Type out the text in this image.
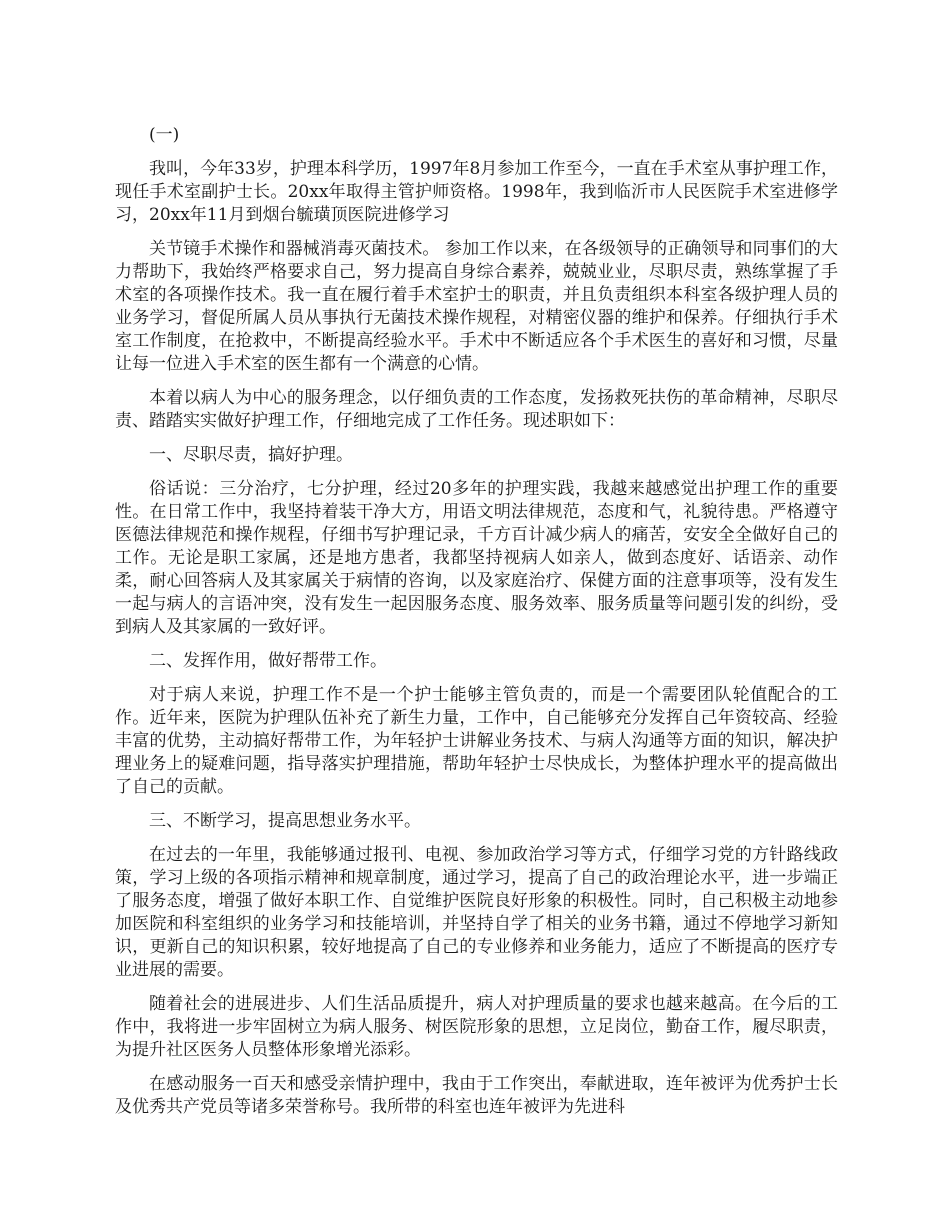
(一)

我叫，今年33岁，护理本科学历，1997年8月参加工作至今，一直在手术室从事护理工作，现任手术室副护士长。20xx年取得主管护师资格。1998年，我到临沂市人民医院手术室进修学习，20xx年11月到烟台毓璜顶医院进修学习

关节镜手术操作和器械消毒灭菌技术。 参加工作以来，在各级领导的正确领导和同事们的大力帮助下，我始终严格要求自己，努力提高自身综合素养，兢兢业业，尽职尽责，熟练掌握了手术室的各项操作技术。我一直在履行着手术室护士的职责，并且负责组织本科室各级护理人员的业务学习，督促所属人员从事执行无菌技术操作规程，对精密仪器的维护和保养。仔细执行手术室工作制度，在抢救中，不断提高经验水平。手术中不断适应各个手术医生的喜好和习惯，尽量让每一位进入手术室的医生都有一个满意的心情。

本着以病人为中心的服务理念，以仔细负责的工作态度，发扬救死扶伤的革命精神，尽职尽责、踏踏实实做好护理工作，仔细地完成了工作任务。现述职如下：

一、尽职尽责，搞好护理。

俗话说：三分治疗，七分护理，经过20多年的护理实践，我越来越感觉出护理工作的重要性。在日常工作中，我坚持着装干净大方，用语文明法律规范，态度和气，礼貌待患。严格遵守医德法律规范和操作规程，仔细书写护理记录，千方百计减少病人的痛苦，安安全全做好自己的工作。无论是职工家属，还是地方患者，我都坚持视病人如亲人，做到态度好、话语亲、动作柔，耐心回答病人及其家属关于病情的咨询，以及家庭治疗、保健方面的注意事项等，没有发生一起与病人的言语冲突，没有发生一起因服务态度、服务效率、服务质量等问题引发的纠纷，受到病人及其家属的一致好评。

二、发挥作用，做好帮带工作。

对于病人来说，护理工作不是一个护士能够主管负责的，而是一个需要团队轮值配合的工作。近年来，医院为护理队伍补充了新生力量，工作中，自己能够充分发挥自己年资较高、经验丰富的优势，主动搞好帮带工作，为年轻护士讲解业务技术、与病人沟通等方面的知识，解决护理业务上的疑难问题，指导落实护理措施，帮助年轻护士尽快成长，为整体护理水平的提高做出了自己的贡献。

三、不断学习，提高思想业务水平。

在过去的一年里，我能够通过报刊、电视、参加政治学习等方式，仔细学习党的方针路线政策，学习上级的各项指示精神和规章制度，通过学习，提高了自己的政治理论水平，进一步端正了服务态度，增强了做好本职工作、自觉维护医院良好形象的积极性。同时，自己积极主动地参加医院和科室组织的业务学习和技能培训，并坚持自学了相关的业务书籍，通过不停地学习新知识，更新自己的知识积累，较好地提高了自己的专业修养和业务能力，适应了不断提高的医疗专业进展的需要。

随着社会的进展进步、人们生活品质提升，病人对护理质量的要求也越来越高。在今后的工作中，我将进一步牢固树立为病人服务、树医院形象的思想，立足岗位，勤奋工作，履尽职责，为提升社区医务人员整体形象增光添彩。

在感动服务一百天和感受亲情护理中，我由于工作突出，奉献进取，连年被评为优秀护士长及优秀共产党员等诸多荣誉称号。我所带的科室也连年被评为先进科
